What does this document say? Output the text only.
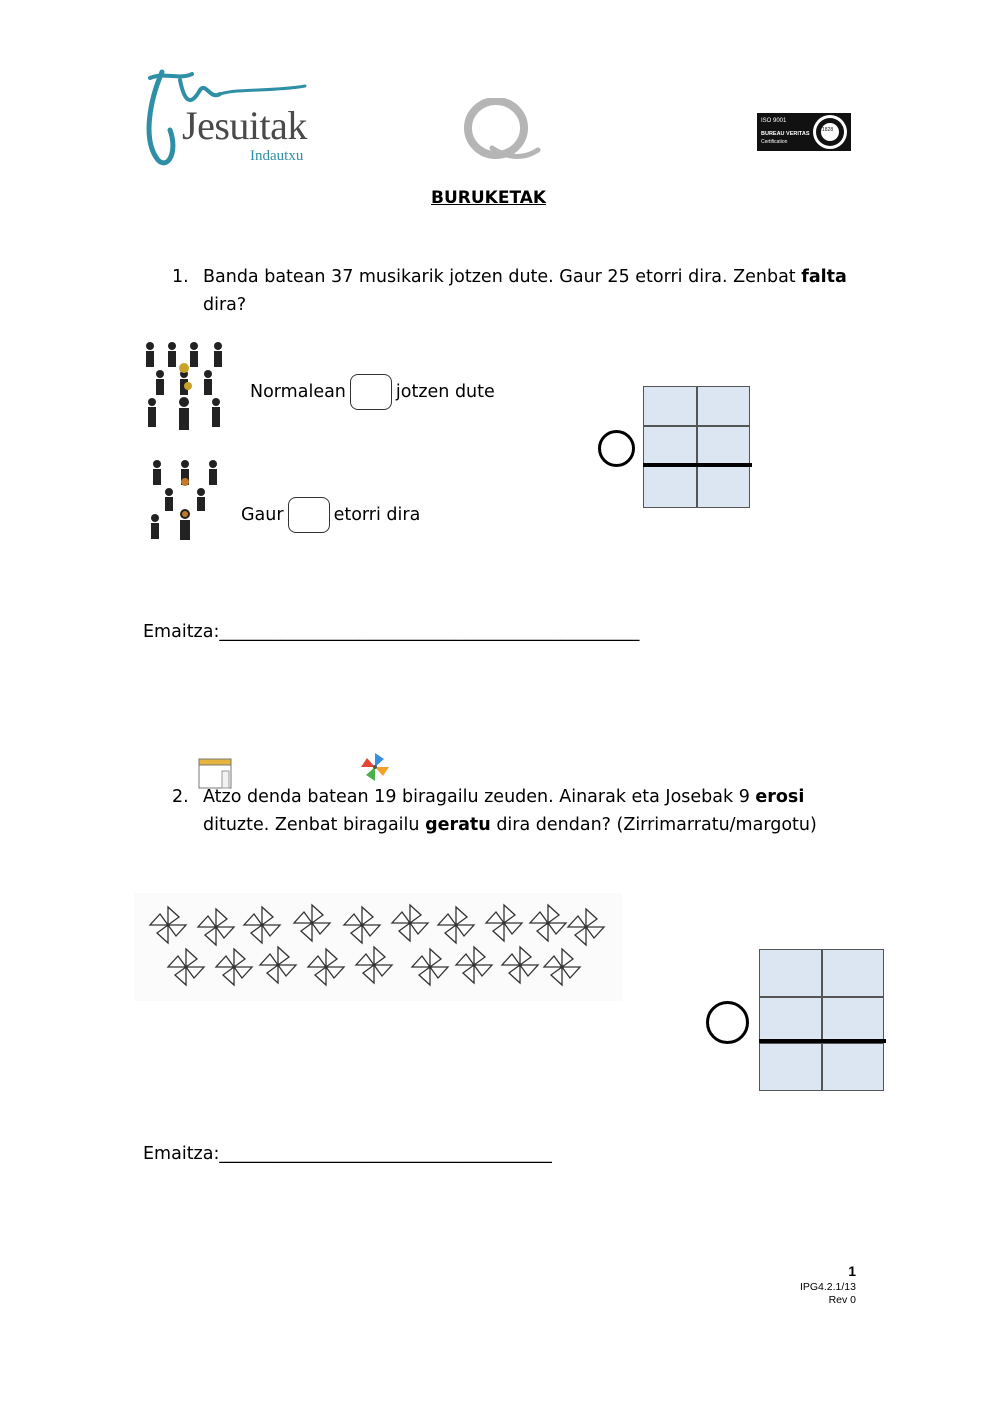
Jesuitak
Indautxu
ISO 9001
BUREAU VERITAS
Certification
1828
BURUKETAK
1. Banda batean 37 musikarik jotzen dute. Gaur 25 etorri dira. Zenbat falta
dira?
Normalean	jotzen dute
Gaur	etorri dira
Emaitza:________________________________________________
2. Atzo denda batean 19 biragailu zeuden. Ainarak eta Josebak 9 erosi
dituzte. Zenbat biragailu geratu dira dendan? (Zirrimarratu/margotu)
Emaitza:______________________________________
1
IPG4.2.1/13
Rev 0
